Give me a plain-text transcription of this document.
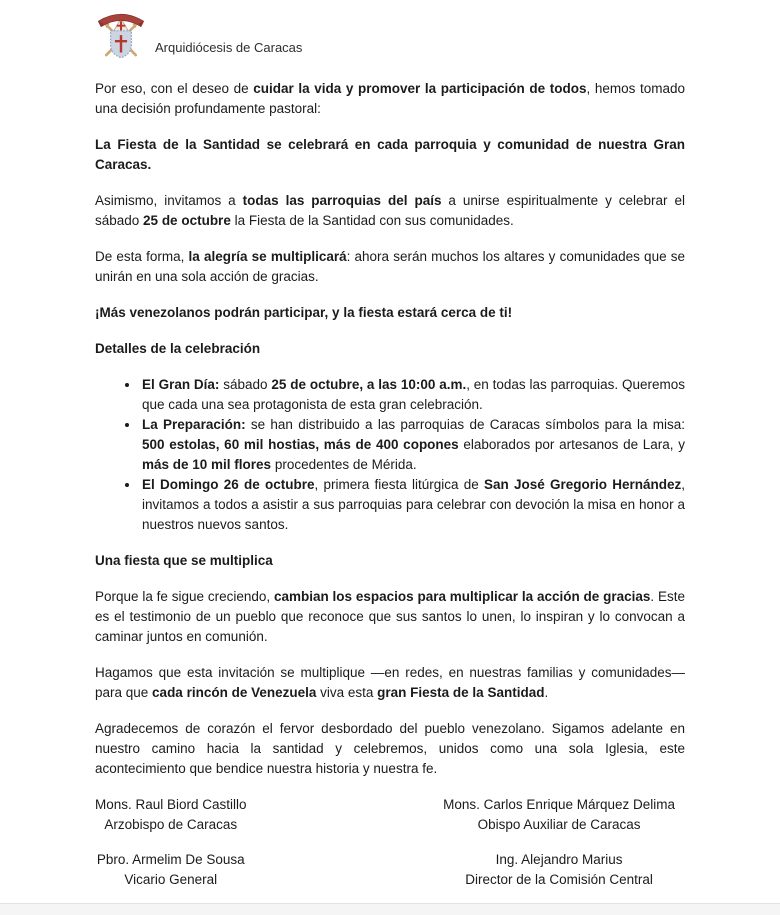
Arquidiócesis de Caracas

Por eso, con el deseo de cuidar la vida y promover la participación de todos, hemos tomado una decisión profundamente pastoral:

La Fiesta de la Santidad se celebrará en cada parroquia y comunidad de nuestra Gran Caracas.

Asimismo, invitamos a todas las parroquias del país a unirse espiritualmente y celebrar el sábado 25 de octubre la Fiesta de la Santidad con sus comunidades.

De esta forma, la alegría se multiplicará: ahora serán muchos los altares y comunidades que se unirán en una sola acción de gracias.

¡Más venezolanos podrán participar, y la fiesta estará cerca de ti!

Detalles de la celebración

• El Gran Día: sábado 25 de octubre, a las 10:00 a.m., en todas las parroquias. Queremos que cada una sea protagonista de esta gran celebración.
• La Preparación: se han distribuido a las parroquias de Caracas símbolos para la misa: 500 estolas, 60 mil hostias, más de 400 copones elaborados por artesanos de Lara, y más de 10 mil flores procedentes de Mérida.
• El Domingo 26 de octubre, primera fiesta litúrgica de San José Gregorio Hernández, invitamos a todos a asistir a sus parroquias para celebrar con devoción la misa en honor a nuestros nuevos santos.

Una fiesta que se multiplica

Porque la fe sigue creciendo, cambian los espacios para multiplicar la acción de gracias. Este es el testimonio de un pueblo que reconoce que sus santos lo unen, lo inspiran y lo convocan a caminar juntos en comunión.

Hagamos que esta invitación se multiplique —en redes, en nuestras familias y comunidades— para que cada rincón de Venezuela viva esta gran Fiesta de la Santidad.

Agradecemos de corazón el fervor desbordado del pueblo venezolano. Sigamos adelante en nuestro camino hacia la santidad y celebremos, unidos como una sola Iglesia, este acontecimiento que bendice nuestra historia y nuestra fe.

Mons. Raul Biord Castillo
Arzobispo de Caracas
Mons. Carlos Enrique Márquez Delima
Obispo Auxiliar de Caracas
Pbro. Armelim De Sousa
Vicario General
Ing. Alejandro Marius
Director de la Comisión Central
